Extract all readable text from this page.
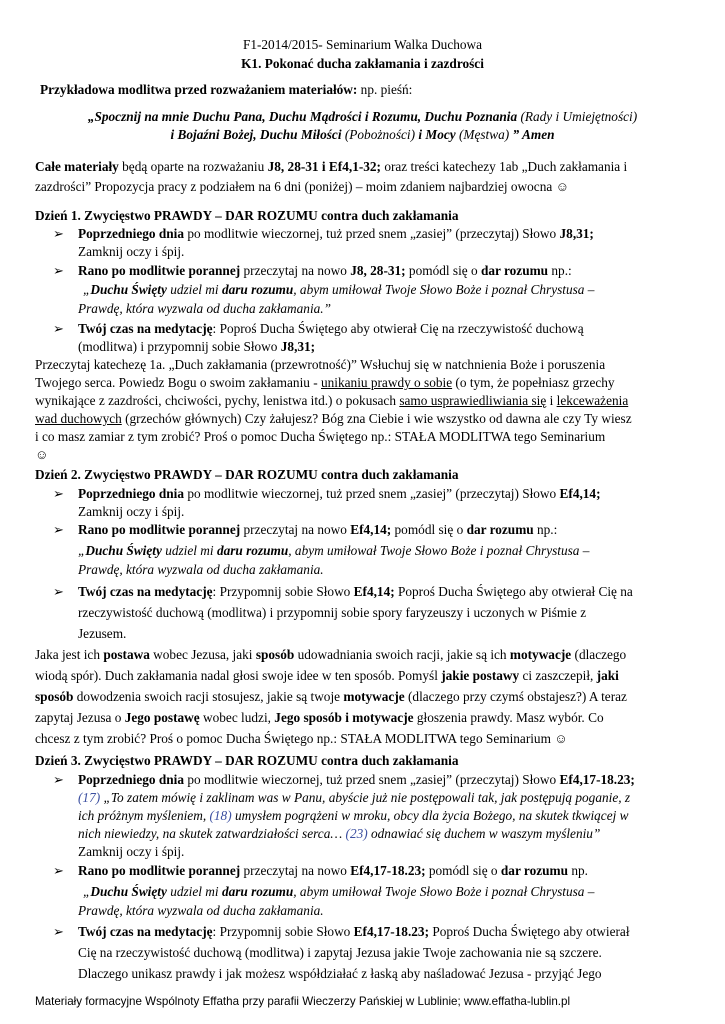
F1-2014/2015- Seminarium Walka Duchowa
K1. Pokonać ducha zakłamania i zazdrości
Przykładowa modlitwa przed rozważaniem materiałów: np. pieśń:
„Spocznij na mnie Duchu Pana, Duchu Mądrości i Rozumu, Duchu Poznania (Rady i Umiejętności)
i Bojaźni Bożej, Duchu Miłości (Pobożności) i Mocy (Męstwa) ” Amen
Całe materiały będą oparte na rozważaniu J8, 28-31 i Ef4,1-32; oraz treści katechezy 1ab „Duch zakłamania i
zazdrości” Propozycja pracy z podziałem na 6 dni (poniżej) – moim zdaniem najbardziej owocna ☺
Dzień 1. Zwycięstwo PRAWDY – DAR ROZUMU contra duch zakłamania
➢ Poprzedniego dnia po modlitwie wieczornej, tuż przed snem „zasiej” (przeczytaj) Słowo J8,31;
Zamknij oczy i śpij.
➢ Rano po modlitwie porannej przeczytaj na nowo J8, 28-31; pomódl się o dar rozumu np.:
„Duchu Święty udziel mi daru rozumu, abym umiłował Twoje Słowo Boże i poznał Chrystusa –
Prawdę, która wyzwala od ducha zakłamania.”
➢ Twój czas na medytację: Poproś Ducha Świętego aby otwierał Cię na rzeczywistość duchową
(modlitwa) i przypomnij sobie Słowo J8,31;
Przeczytaj katechezę 1a. „Duch zakłamania (przewrotność)” Wsłuchuj się w natchnienia Boże i poruszenia
Twojego serca. Powiedz Bogu o swoim zakłamaniu - unikaniu prawdy o sobie (o tym, że popełniasz grzechy
wynikające z zazdrości, chciwości, pychy, lenistwa itd.) o pokusach samo usprawiedliwiania się i lekceważenia
wad duchowych (grzechów głównych) Czy żałujesz? Bóg zna Ciebie i wie wszystko od dawna ale czy Ty wiesz
i co masz zamiar z tym zrobić? Proś o pomoc Ducha Świętego np.: STAŁA MODLITWA tego Seminarium
☺
Dzień 2. Zwycięstwo PRAWDY – DAR ROZUMU contra duch zakłamania
➢ Poprzedniego dnia po modlitwie wieczornej, tuż przed snem „zasiej” (przeczytaj) Słowo Ef4,14;
Zamknij oczy i śpij.
➢ Rano po modlitwie porannej przeczytaj na nowo Ef4,14; pomódl się o dar rozumu np.:
„Duchu Święty udziel mi daru rozumu, abym umiłował Twoje Słowo Boże i poznał Chrystusa –
Prawdę, która wyzwala od ducha zakłamania.
➢ Twój czas na medytację: Przypomnij sobie Słowo Ef4,14; Poproś Ducha Świętego aby otwierał Cię na
rzeczywistość duchową (modlitwa) i przypomnij sobie spory faryzeuszy i uczonych w Piśmie z
Jezusem.
Jaka jest ich postawa wobec Jezusa, jaki sposób udowadniania swoich racji, jakie są ich motywacje (dlaczego
wiodą spór). Duch zakłamania nadal głosi swoje idee w ten sposób. Pomyśl jakie postawy ci zaszczepił, jaki
sposób dowodzenia swoich racji stosujesz, jakie są twoje motywacje (dlaczego przy czymś obstajesz?) A teraz
zapytaj Jezusa o Jego postawę wobec ludzi, Jego sposób i motywacje głoszenia prawdy. Masz wybór. Co
chcesz z tym zrobić? Proś o pomoc Ducha Świętego np.: STAŁA MODLITWA tego Seminarium ☺
Dzień 3. Zwycięstwo PRAWDY – DAR ROZUMU contra duch zakłamania
➢ Poprzedniego dnia po modlitwie wieczornej, tuż przed snem „zasiej” (przeczytaj) Słowo Ef4,17-18.23;
(17) „To zatem mówię i zaklinam was w Panu, abyście już nie postępowali tak, jak postępują poganie, z
ich próżnym myśleniem, (18) umysłem pogrążeni w mroku, obcy dla życia Bożego, na skutek tkwiącej w
nich niewiedzy, na skutek zatwardziałości serca… (23) odnawiać się duchem w waszym myśleniu”
Zamknij oczy i śpij.
➢ Rano po modlitwie porannej przeczytaj na nowo Ef4,17-18.23; pomódl się o dar rozumu np.
„Duchu Święty udziel mi daru rozumu, abym umiłował Twoje Słowo Boże i poznał Chrystusa –
Prawdę, która wyzwala od ducha zakłamania.
➢ Twój czas na medytację: Przypomnij sobie Słowo Ef4,17-18.23; Poproś Ducha Świętego aby otwierał
Cię na rzeczywistość duchową (modlitwa) i zapytaj Jezusa jakie Twoje zachowania nie są szczere.
Dlaczego unikasz prawdy i jak możesz współdziałać z łaską aby naśladować Jezusa - przyjąć Jego
Materiały formacyjne Wspólnoty Effatha przy parafii Wieczerzy Pańskiej w Lublinie; www.effatha-lublin.pl
